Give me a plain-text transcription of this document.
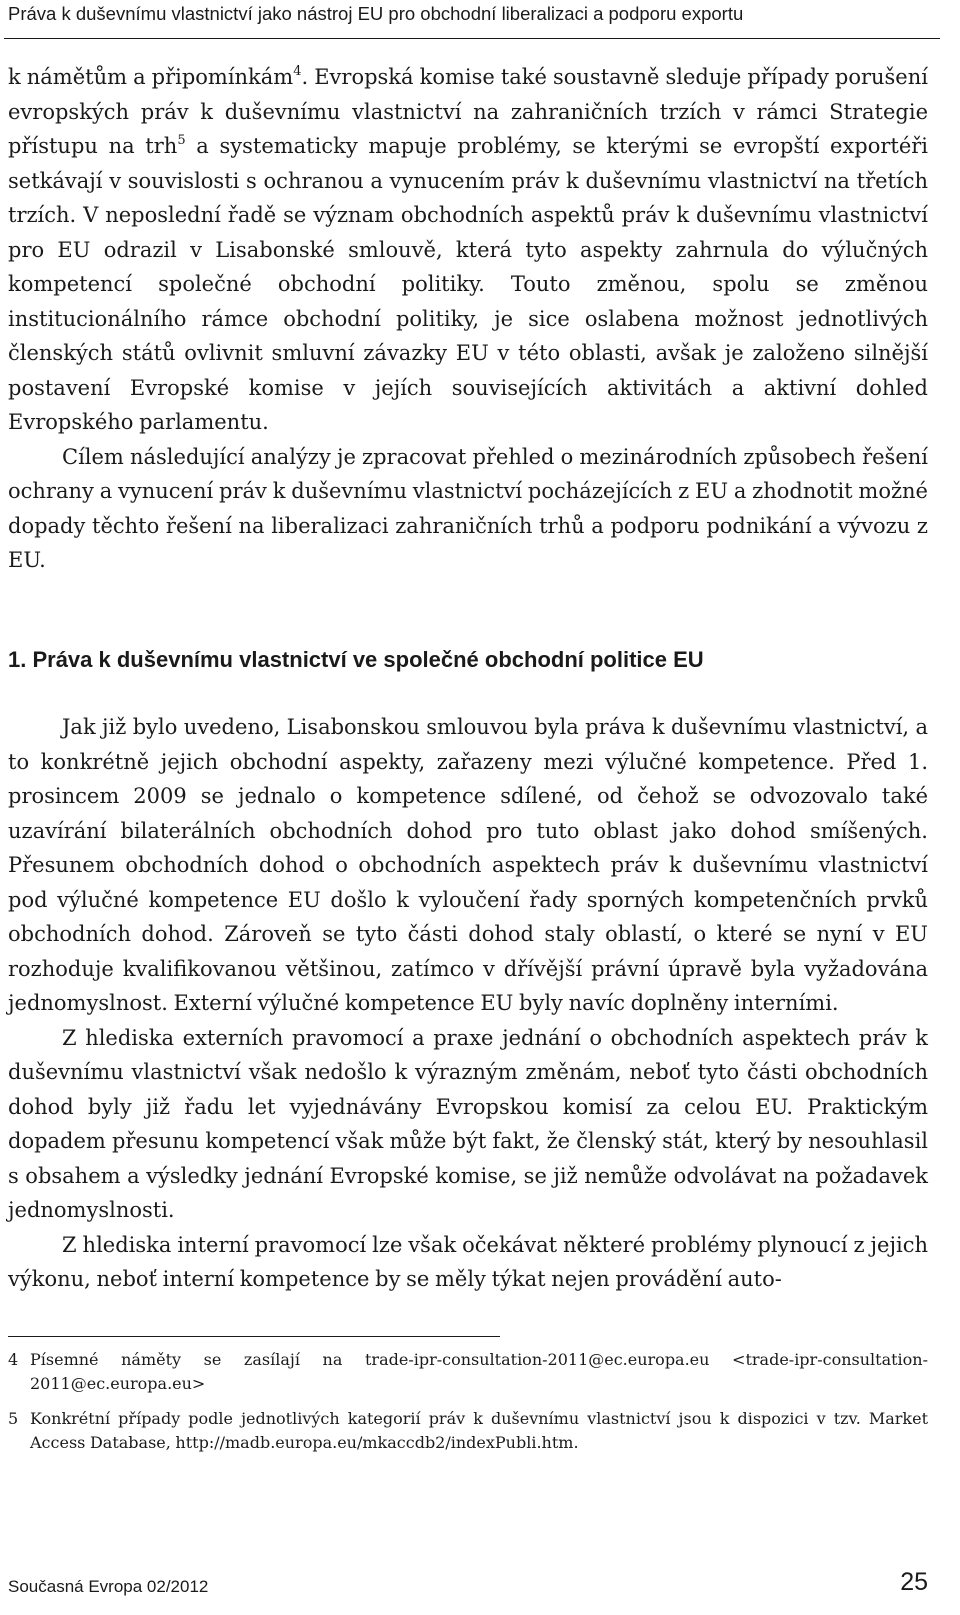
Práva k duševnímu vlastnictví jako nástroj EU pro obchodní liberalizaci a podporu exportu

k námětům a připomínkám$^4$. Evropská komise také soustavně sleduje případy porušení evropských práv k duševnímu vlastnictví na zahraničních trzích v rámci Strategie přístupu na trh$^5$ a systematicky mapuje problémy, se kterými se evropští exportéři setkávají v souvislosti s ochranou a vynucením práv k duševnímu vlastnictví na třetích trzích. V neposlední řadě se význam obchodních aspektů práv k duševnímu vlastnictví pro EU odrazil v Lisabonské smlouvě, která tyto aspekty zahrnula do výlučných kompetencí společné obchodní politiky. Touto změnou, spolu se změnou institucionálního rámce obchodní politiky, je sice oslabena možnost jednotlivých členských států ovlivnit smluvní závazky EU v této oblasti, avšak je založeno silnější postavení Evropské komise v jejích souvisejících aktivitách a aktivní dohled Evropského parlamentu.

Cílem následující analýzy je zpracovat přehled o mezinárodních způsobech řešení ochrany a vynucení práv k duševnímu vlastnictví pocházejících z EU a zhodnotit možné dopady těchto řešení na liberalizaci zahraničních trhů a podporu podnikání a vývozu z EU.

1. Práva k duševnímu vlastnictví ve společné obchodní politice EU

Jak již bylo uvedeno, Lisabonskou smlouvou byla práva k duševnímu vlastnictví, a to konkrétně jejich obchodní aspekty, zařazeny mezi výlučné kompetence. Před 1. prosincem 2009 se jednalo o kompetence sdílené, od čehož se odvozovalo také uzavírání bilaterálních obchodních dohod pro tuto oblast jako dohod smíšených. Přesunem obchodních dohod o obchodních aspektech práv k duševnímu vlastnictví pod výlučné kompetence EU došlo k vyloučení řady sporných kompetenčních prvků obchodních dohod. Zároveň se tyto části dohod staly oblastí, o které se nyní v EU rozhoduje kvalifikovanou většinou, zatímco v dřívější právní úpravě byla vyžadována jednomyslnost. Externí výlučné kompetence EU byly navíc doplněny interními.

Z hlediska externích pravomocí a praxe jednání o obchodních aspektech práv k duševnímu vlastnictví však nedošlo k výrazným změnám, neboť tyto části obchodních dohod byly již řadu let vyjednávány Evropskou komisí za celou EU. Praktickým dopadem přesunu kompetencí však může být fakt, že členský stát, který by nesouhlasil s obsahem a výsledky jednání Evropské komise, se již nemůže odvolávat na požadavek jednomyslnosti.

Z hlediska interní pravomocí lze však očekávat některé problémy plynoucí z jejich výkonu, neboť interní kompetence by se měly týkat nejen provádění auto-

4 Písemné náměty se zasílají na trade-ipr-consultation-2011@ec.europa.eu <trade-ipr-consultation-2011@ec.europa.eu>
5 Konkrétní případy podle jednotlivých kategorií práv k duševnímu vlastnictví jsou k dispozici v tzv. Market Access Database, http://madb.europa.eu/mkaccdb2/indexPubli.htm.
Současná Evropa 02/2012	25
